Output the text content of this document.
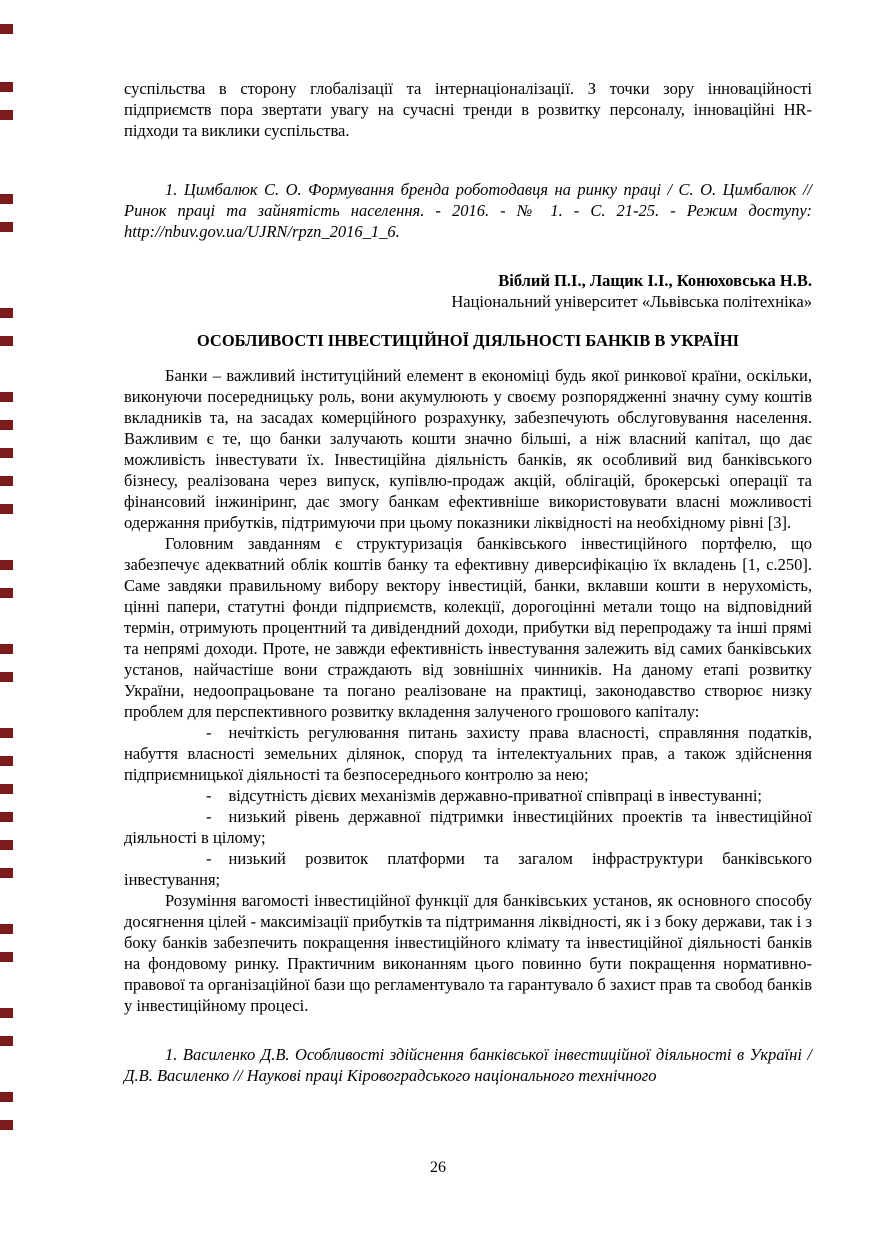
суспільства в сторону глобалізації та інтернаціоналізації. З точки зору інноваційності підприємств пора звертати увагу на сучасні тренди в розвитку персоналу, інноваційні HR-підходи та виклики суспільства.

1. Цимбалюк С. О. Формування бренда роботодавця на ринку праці / С. О. Цимбалюк // Ринок праці та зайнятість населення. - 2016. - № 1. - С. 21-25. - Режим доступу: http://nbuv.gov.ua/UJRN/rpzn_2016_1_6.

Віблий П.І., Лащик І.І., Конюховська Н.В.

Національний університет «Львівська політехніка»

ОСОБЛИВОСТІ ІНВЕСТИЦІЙНОЇ ДІЯЛЬНОСТІ БАНКІВ В УКРАЇНІ

Банки – важливий інституційний елемент в економіці будь якої ринкової країни, оскільки, виконуючи посередницьку роль, вони акумулюють у своєму розпорядженні значну суму коштів вкладників та, на засадах комерційного розрахунку, забезпечують обслуговування населення. Важливим є те, що банки залучають кошти значно більші, а ніж власний капітал, що дає можливість інвестувати їх. Інвестиційна діяльність банків, як особливий вид банківського бізнесу, реалізована через випуск, купівлю-продаж акцій, облігацій, брокерські операції та фінансовий інжиніринг, дає змогу банкам ефективніше використовувати власні можливості одержання прибутків, підтримуючи при цьому показники ліквідності на необхідному рівні [3].

Головним завданням є структуризація банківського інвестиційного портфелю, що забезпечує адекватний облік коштів банку та ефективну диверсифікацію їх вкладень [1, с.250]. Саме завдяки правильному вибору вектору інвестицій, банки, вклавши кошти в нерухомість, цінні папери, статутні фонди підприємств, колекції, дорогоцінні метали тощо на відповідний термін, отримують процентний та дивідендний доходи, прибутки від перепродажу та інші прямі та непрямі доходи. Проте, не завжди ефективність інвестування залежить від самих банківських установ, найчастіше вони страждають від зовнішніх чинників. На даному етапі розвитку України, недоопрацьоване та погано реалізоване на практиці, законодавство створює низку проблем для перспективного розвитку вкладення залученого грошового капіталу:

- нечіткість регулювання питань захисту права власності, справляння податків, набуття власності земельних ділянок, споруд та інтелектуальних прав, а також здійснення підприємницької діяльності та безпосереднього контролю за нею;

- відсутність дієвих механізмів державно-приватної співпраці в інвестуванні;

- низький рівень державної підтримки інвестиційних проектів та інвестиційної діяльності в цілому;

- низький розвиток платформи та загалом інфраструктури банківського інвестування;

Розуміння вагомості інвестиційної функції для банківських установ, як основного способу досягнення цілей - максимізації прибутків та підтримання ліквідності, як і з боку держави, так і з боку банків забезпечить покращення інвестиційного клімату та інвестиційної діяльності банків на фондовому ринку. Практичним виконанням цього повинно бути покращення нормативно-правової та організаційної бази що регламентувало та гарантувало б захист прав та свобод банків у інвестиційному процесі.

1. Василенко Д.В. Особливості здійснення банківської інвестиційної діяльності в Україні / Д.В. Василенко // Наукові праці Кіровоградського національного технічного

26
